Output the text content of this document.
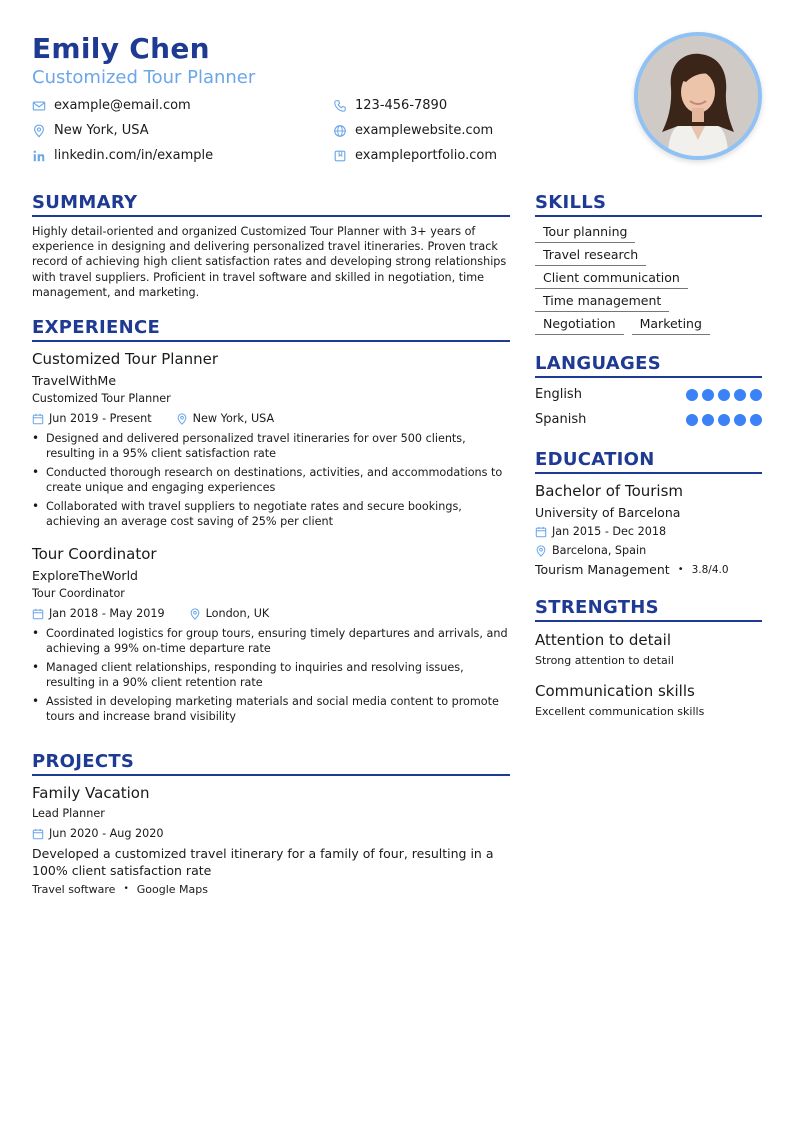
Emily Chen
Customized Tour Planner
example@email.com	123-456-7890
New York, USA	examplewebsite.com
linkedin.com/in/example	exampleportfolio.com
SUMMARY
Highly detail-oriented and organized Customized Tour Planner with 3+ years of experience in designing and delivering personalized travel itineraries. Proven track record of achieving high client satisfaction rates and developing strong relationships with travel suppliers. Proficient in travel software and skilled in negotiation, time management, and marketing.
EXPERIENCE
Customized Tour Planner
TravelWithMe
Customized Tour Planner
Jun 2019 - Present	New York, USA
• Designed and delivered personalized travel itineraries for over 500 clients, resulting in a 95% client satisfaction rate
• Conducted thorough research on destinations, activities, and accommodations to create unique and engaging experiences
• Collaborated with travel suppliers to negotiate rates and secure bookings, achieving an average cost saving of 25% per client
Tour Coordinator
ExploreTheWorld
Tour Coordinator
Jan 2018 - May 2019	London, UK
• Coordinated logistics for group tours, ensuring timely departures and arrivals, and achieving a 99% on-time departure rate
• Managed client relationships, responding to inquiries and resolving issues, resulting in a 90% client retention rate
• Assisted in developing marketing materials and social media content to promote tours and increase brand visibility
PROJECTS
Family Vacation
Lead Planner
Jun 2020 - Aug 2020
Developed a customized travel itinerary for a family of four, resulting in a 100% client satisfaction rate
Travel software • Google Maps
SKILLS
Tour planning
Travel research
Client communication
Time management
Negotiation	Marketing
LANGUAGES
English
Spanish
EDUCATION
Bachelor of Tourism
University of Barcelona
Jan 2015 - Dec 2018
Barcelona, Spain
Tourism Management • 3.8/4.0
STRENGTHS
Attention to detail
Strong attention to detail
Communication skills
Excellent communication skills
